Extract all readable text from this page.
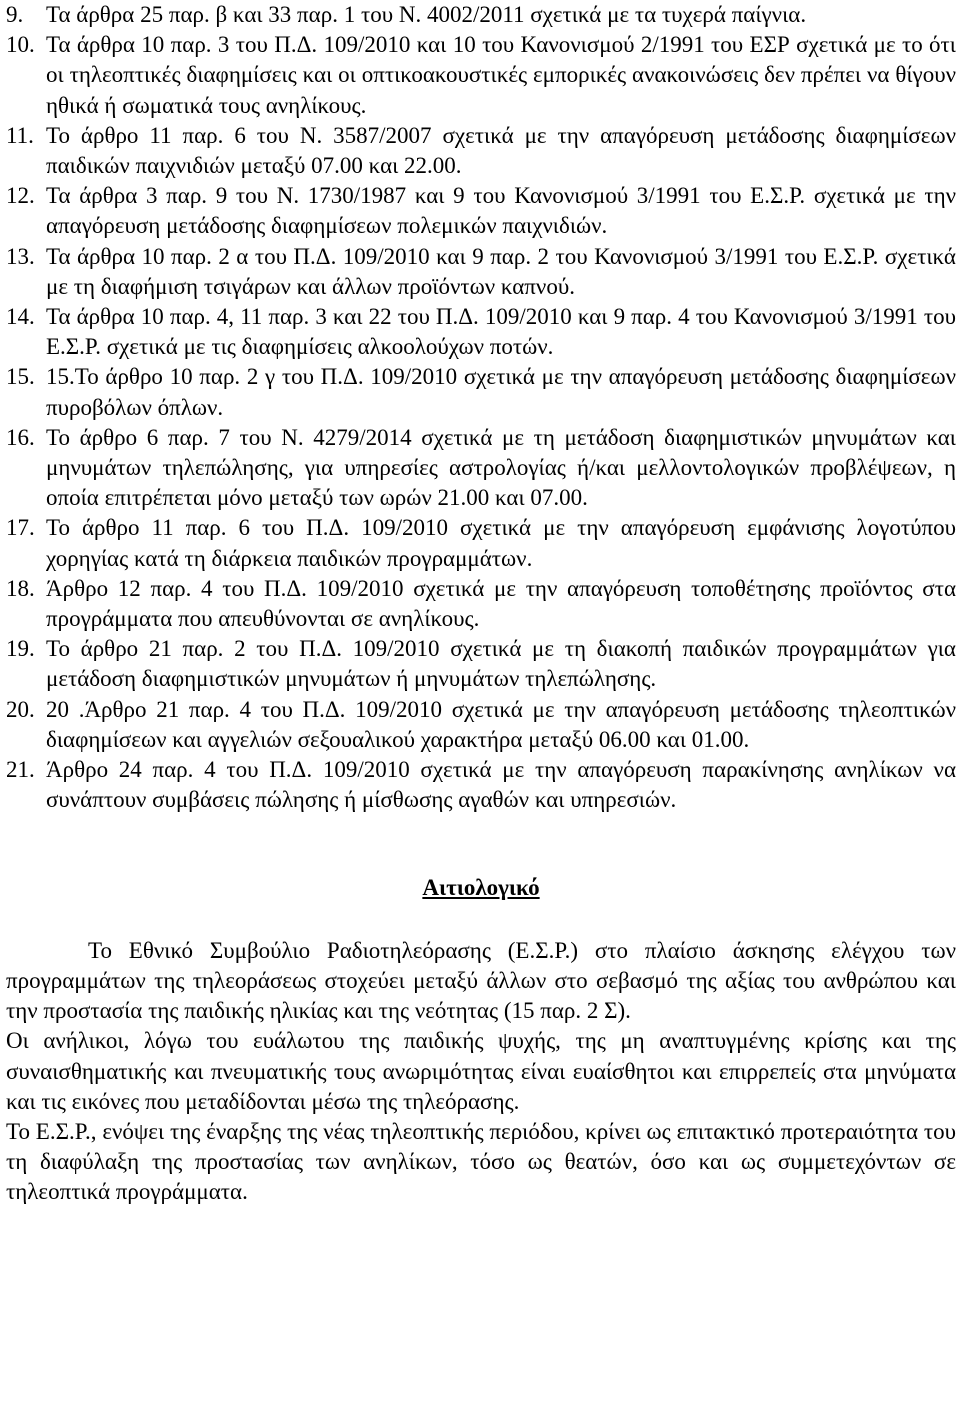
9. Τα άρθρα 25 παρ. β και 33 παρ. 1 του Ν. 4002/2011 σχετικά με τα τυχερά παίγνια.
10. Τα άρθρα 10 παρ. 3 του Π.Δ. 109/2010 και 10 του Κανονισμού 2/1991 του ΕΣΡ σχετικά με το ότι οι τηλεοπτικές διαφημίσεις και οι οπτικοακουστικές εμπορικές ανακοινώσεις δεν πρέπει να θίγουν ηθικά ή σωματικά τους ανηλίκους.
11. Το άρθρο 11 παρ. 6 του Ν. 3587/2007 σχετικά με την απαγόρευση μετάδοσης διαφημίσεων παιδικών παιχνιδιών μεταξύ 07.00 και 22.00.
12. Τα άρθρα 3 παρ. 9 του Ν. 1730/1987 και 9 του Κανονισμού 3/1991 του Ε.Σ.Ρ. σχετικά με την απαγόρευση μετάδοσης διαφημίσεων πολεμικών παιχνιδιών.
13. Τα άρθρα 10 παρ. 2 α του Π.Δ. 109/2010 και 9 παρ. 2 του Κανονισμού 3/1991 του Ε.Σ.Ρ. σχετικά με τη διαφήμιση τσιγάρων και άλλων προϊόντων καπνού.
14. Τα άρθρα 10 παρ. 4, 11 παρ. 3 και 22 του Π.Δ. 109/2010 και 9 παρ. 4 του Κανονισμού 3/1991 του Ε.Σ.Ρ. σχετικά με τις διαφημίσεις αλκοολούχων ποτών.
15. 15.Το άρθρο 10 παρ. 2 γ του Π.Δ. 109/2010 σχετικά με την απαγόρευση μετάδοσης διαφημίσεων πυροβόλων όπλων.
16. Το άρθρο 6 παρ. 7 του Ν. 4279/2014 σχετικά με τη μετάδοση διαφημιστικών μηνυμάτων και μηνυμάτων τηλεπώλησης, για υπηρεσίες αστρολογίας ή/και μελλοντολογικών προβλέψεων, η οποία επιτρέπεται μόνο μεταξύ των ωρών 21.00 και 07.00.
17. Το άρθρο 11 παρ. 6 του Π.Δ. 109/2010 σχετικά με την απαγόρευση εμφάνισης λογοτύπου χορηγίας κατά τη διάρκεια παιδικών προγραμμάτων.
18. Άρθρο 12 παρ. 4 του Π.Δ. 109/2010 σχετικά με την απαγόρευση τοποθέτησης προϊόντος στα προγράμματα που απευθύνονται σε ανηλίκους.
19. Το άρθρο 21 παρ. 2 του Π.Δ. 109/2010 σχετικά με τη διακοπή παιδικών προγραμμάτων για μετάδοση διαφημιστικών μηνυμάτων ή μηνυμάτων τηλεπώλησης.
20. 20 .Άρθρο 21 παρ. 4 του Π.Δ. 109/2010 σχετικά με την απαγόρευση μετάδοσης τηλεοπτικών διαφημίσεων και αγγελιών σεξουαλικού χαρακτήρα μεταξύ 06.00 και 01.00.
21. Άρθρο 24 παρ. 4 του Π.Δ. 109/2010 σχετικά με την απαγόρευση παρακίνησης ανηλίκων να συνάπτουν συμβάσεις πώλησης ή μίσθωσης αγαθών και υπηρεσιών.
Αιτιολογικό

Το Εθνικό Συμβούλιο Ραδιοτηλεόρασης (Ε.Σ.Ρ.) στο πλαίσιο άσκησης ελέγχου των προγραμμάτων της τηλεοράσεως στοχεύει μεταξύ άλλων στο σεβασμό της αξίας του ανθρώπου και την προστασία της παιδικής ηλικίας και της νεότητας (15 παρ. 2 Σ).

Οι ανήλικοι, λόγω του ευάλωτου της παιδικής ψυχής, της μη αναπτυγμένης κρίσης και της συναισθηματικής και πνευματικής τους ανωριμότητας είναι ευαίσθητοι και επιρρεπείς στα μηνύματα και τις εικόνες που μεταδίδονται μέσω της τηλεόρασης.

Το Ε.Σ.Ρ., ενόψει της έναρξης της νέας τηλεοπτικής περιόδου, κρίνει ως επιτακτικό προτεραιότητα του τη διαφύλαξη της προστασίας των ανηλίκων, τόσο ως θεατών, όσο και ως συμμετεχόντων σε τηλεοπτικά προγράμματα.
